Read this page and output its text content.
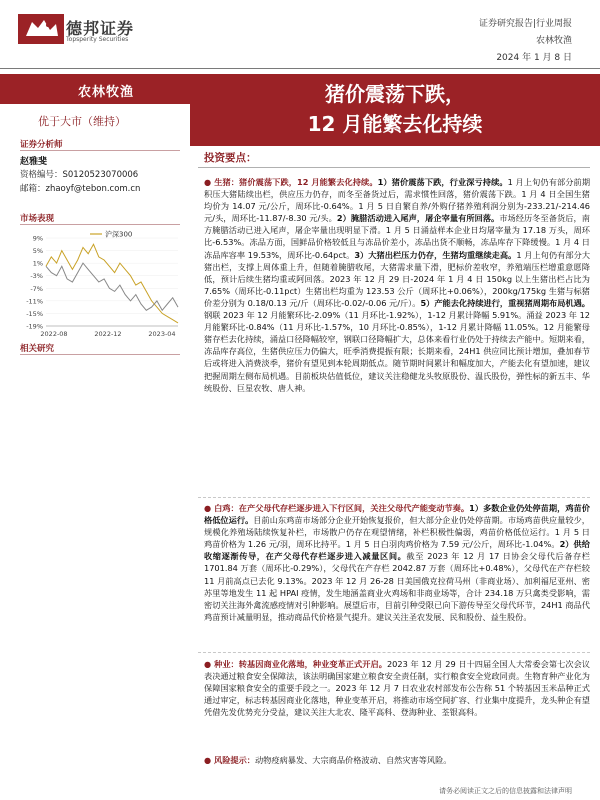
德邦证券
Topsperity Securities
证券研究报告|行业周报
农林牧渔
2024 年 1 月 8 日
农林牧渔
优于大市（维持）
证券分析师
赵雅斐
资格编号：S0120523070006
邮箱：zhaoyf@tebon.com.cn
市场表现
9%
5%
1%
-3%
-7%
-11%
-15%
-19%
2022-08	2022-12	2023-04
沪深300
相关研究
猪价震荡下跌，
12 月能繁去化持续
投资要点：

● 生猪：猪价震荡下跌，12 月能繁去化持续。1）猪价震荡下跌，行业深亏持续。1 月上旬仍有部分前期积压大猪陆续出栏，供应压力仍存，而冬至备货过后，需求惯性回落，猪价震荡下跌。1 月 4 日全国生猪均价为 14.07 元/公斤，周环比-0.64%。1 月 5 日自繁自养/外购仔猪养殖利润分别为-233.21/-214.46 元/头，周环比-11.87/-8.30 元/头。2）腌腊活动进入尾声，屠企宰量有所回落。市场经历冬至备货后，南方腌腊活动已进入尾声，屠企宰量出现明显下滑。1 月 5 日涌益样本企业日均屠宰量为 17.18 万头，周环比-6.53%。冻品方面，国鲜品价格较低且与冻品价差小，冻品出货不顺畅，冻品库存下降缓慢。1 月 4 日冻品库容率 19.53%，周环比-0.64pct。3）大猪出栏压力仍存，生猪均重继续走高。1 月上旬仍有部分大猪出栏，支撑上周体重上升，但随着腌腊收尾，大猪需求量下滑，肥标价差收窄，养殖端压栏增重意愿降低，预计后续生猪均重或阿回落。2023 年 12 月 29 日-2024 年 1 月 4 日 150kg 以上生猪出栏占比为 7.65%（周环比-0.11pct）生猪出栏均重为 123.53 公斤（周环比+0.06%），200kg/175kg 生猪与标猪价差分别为 0.18/0.13 元/斤（周环比-0.02/-0.06 元/斤）。5）产能去化持续进行，重视猪周期布局机遇。钢联 2023 年 12 月能繁环比-2.09%（11 月环比-1.92%），1-12 月累计降幅 5.91%。涌益 2023 年 12 月能繁环比-0.84%（11 月环比-1.57%，10 月环比-0.85%），1-12 月累计降幅 11.05%。12 月能繁母猪存栏去化持续，涌益口径降幅较窄，钢联口径降幅扩大，总体来看行业仍处于持续去产能中。短期来看，冻品库存高位，生猪供应压力仍偏大，旺季消费提振有限；长期来看，24H1 供应同比预计增加，叠加春节后或将进入消费淡季，猪价有望见到本轮周期低点。随节期时间累计和幅度加大，产能去化有望加速，建议把握周期左侧布局机遇。目前板块估值低位，建议关注稳健龙头牧原股份、温氏股份，弹性标的新五丰、华统股份、巨星农牧、唐人神。

● 白鸡：在产父母代存栏逐步进入下行区间，关注父母代产能变动节奏。1）多数企业仍处停苗期，鸡苗价格低位运行。目前山东鸡苗市场部分企业开始恢复报价，但大部分企业仍处停苗期。市场鸡苗供应量较少，规模化养殖场陆续恢复补栏，市场散户仍存在观望情绪，补栏积极性偏弱，鸡苗价格低位运行。1 月 5 日鸡苗价格为 1.26 元/羽，周环比持平。1 月 5 日白羽肉鸡价格为 7.59 元/公斤，周环比-1.04%。2）供给收缩逐渐传导，在产父母代存栏逐步进入减量区间。截至 2023 年 12 月 17 日协会父母代后备存栏 1701.84 万套（周环比-0.29%），父母代在产存栏 2042.87 万套（周环比+0.48%），父母代在产存栏较 11 月前高点已去化 9.13%。2023 年 12 月 26-28 日美国俄克拉荷马州（非商业场）、加利福尼亚州、密苏里等地发生 11 起 HPAI 疫情，发生地涵盖商业火鸡场和非商业场等，合计 234.18 万只禽类受影响，需密切关注海外禽流感疫情对引种影响。展望后市，目前引种受限已向下游传导至父母代环节，24H1 商品代鸡苗预计减量明显，推动商品代价格景气提升。建议关注圣农发展、民和股份、益生股份。

● 种业：转基因商业化落地，种业变革正式开启。2023 年 12 月 29 日十四届全国人大常委会第七次会议表决通过粮食安全保障法，该法明确国家建立粮食安全责任制，实行粮食安全党政同责。生物育种产业化为保障国家粮食安全的重要手段之一。2023 年 12 月 7 日农业农村部发布公告称 51 个转基因玉米品种正式通过审定，标志转基因商业化落地，种业变革开启，将推动市场空间扩容、行业集中度提升，龙头种企有望凭借先发优势充分受益，建议关注大北农、隆平高科、登海种业、荃银高科。

● 风险提示：动物疫病暴发、大宗商品价格波动、自然灾害等风险。

请务必阅读正文之后的信息披露和法律声明
